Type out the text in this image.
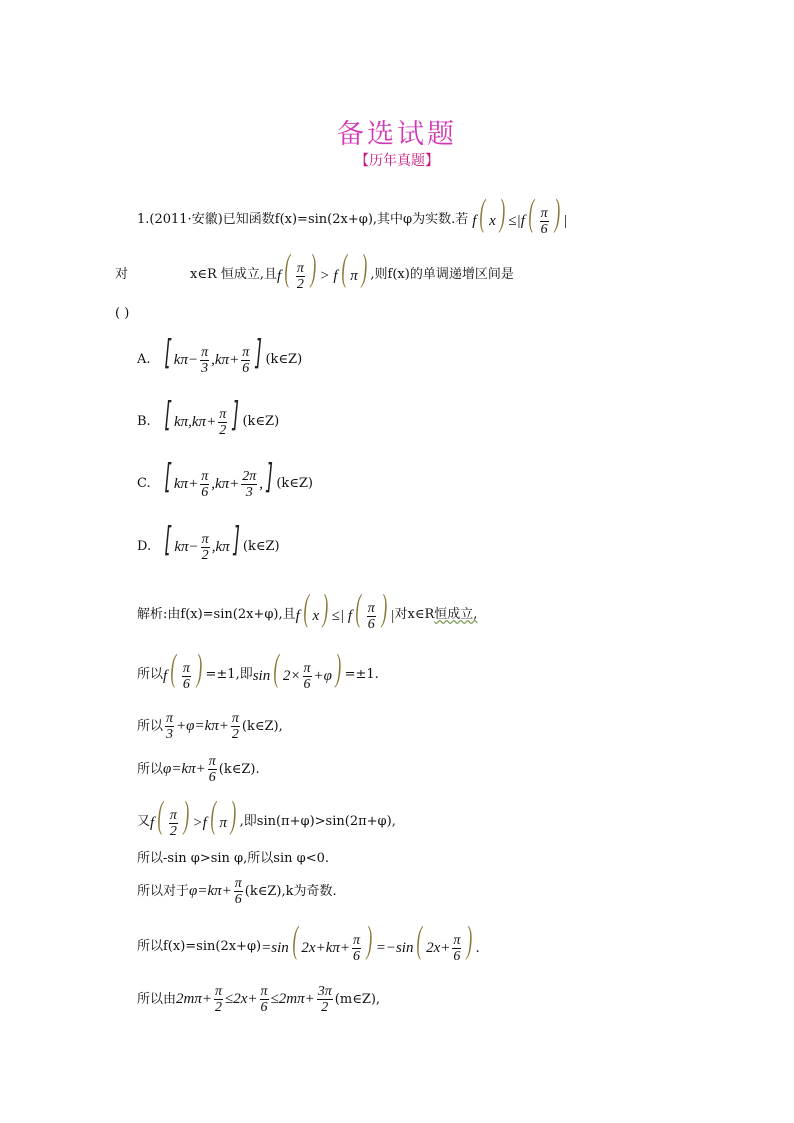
备选试题
【历年真题】
1.(2011·安徽)已知函数f(x)=sin(2x+φ),其中φ为实数.若 f( $x) \le|f( \frac{\pi}{6}$ ) |
对	x∈R 恒成立,且 $f( \frac{\pi}{2}$ ) > f( π) ,则f(x)的单调递增区间是
( )
A. [ $k\pi- \frac{\pi}{3} ,k\pi+ \frac{\pi}{6}$ ] (k∈Z)
B. [ $k\pi,k\pi+ \frac{\pi}{2}$ ] (k∈Z)
C. [ $k\pi+ \frac{\pi}{6} ,k\pi+ \frac{2\pi}{3}$ ,] (k∈Z)
D. [ $k\pi- \frac{\pi}{2} ,k\pi$] (k∈Z)
解析:由f(x)=sin(2x+φ),且 f( x) ≤| $f( \frac{\pi}{6}$ ) | 对x∈R 恒成立,
所以 $f( \frac{\pi}{6}$ ) =±1,即 sin( $2\times \frac{\pi}{6} +\varphi) =\pm 1$.
所以 $\frac{\pi}{3} +\varphi=k\pi+ \frac{\pi}{2}$ (k∈Z),
所以 $\varphi=k\pi+ \frac{\pi}{6}$ (k∈Z).
又 $f( \frac{\pi}{2}$ ) >f( π) ,即sin(π+φ)>sin(2π+φ),
所以-sin φ>sin φ,所以sin φ<0.
所以对于 $\varphi=k\pi+ \frac{\pi}{6}$ (k∈Z),k为奇数.
所以f(x)=sin(2x+φ) =sin( $2x+k\pi+ \frac{\pi}{6}$ ) =−sin( $2x+ \frac{\pi}{6}$ ) .
所以由 $2m\pi+ \frac{\pi}{2} \le 2x+ \frac{\pi}{6} \le 2m\pi+ \frac{3\pi}{2}$ (m∈Z),
